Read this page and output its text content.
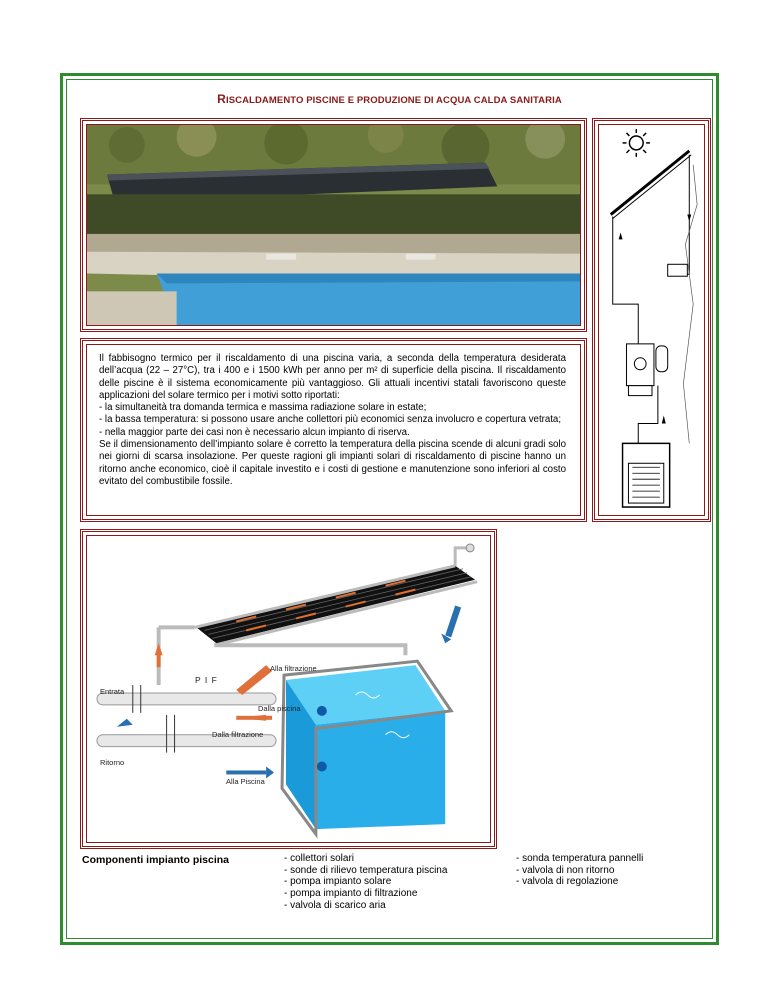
RISCALDAMENTO PISCINE E PRODUZIONE DI ACQUA CALDA SANITARIA

Il fabbisogno termico per il riscaldamento di una piscina varia, a seconda della temperatura desiderata dell’acqua (22 – 27°C), tra i 400 e i 1500 kWh per anno per m² di superficie della piscina. Il riscaldamento delle piscine è il sistema economicamente più vantaggioso. Gli attuali incentivi statali favoriscono queste applicazioni del solare termico per i motivi sotto riportati:

- la simultaneità tra domanda termica e massima radiazione solare in estate;

- la bassa temperatura: si possono usare anche collettori più economici senza involucro e copertura vetrata;

- nella maggior parte dei casi non è necessario alcun impianto di riserva.

Se il dimensionamento dell’impianto solare è corretto la temperatura della piscina scende di alcuni gradi solo nei giorni di scarsa insolazione. Per queste ragioni gli impianti solari di riscaldamento di piscine hanno un ritorno anche economico, cioè il capitale investito e i costi di gestione e manutenzione sono inferiori al costo evitato del combustibile fossile.

Alla filtrazione
P I F
Entrata
Dalla piscina
Dalla filtrazione
Ritorno
Alla Piscina
Componenti impianto piscina	- collettori solari
- sonde di rilievo temperatura piscina
- pompa impianto solare
- pompa impianto di filtrazione
- valvola di scarico aria
- sonda temperatura pannelli
- valvola di non ritorno
- valvola di regolazione
